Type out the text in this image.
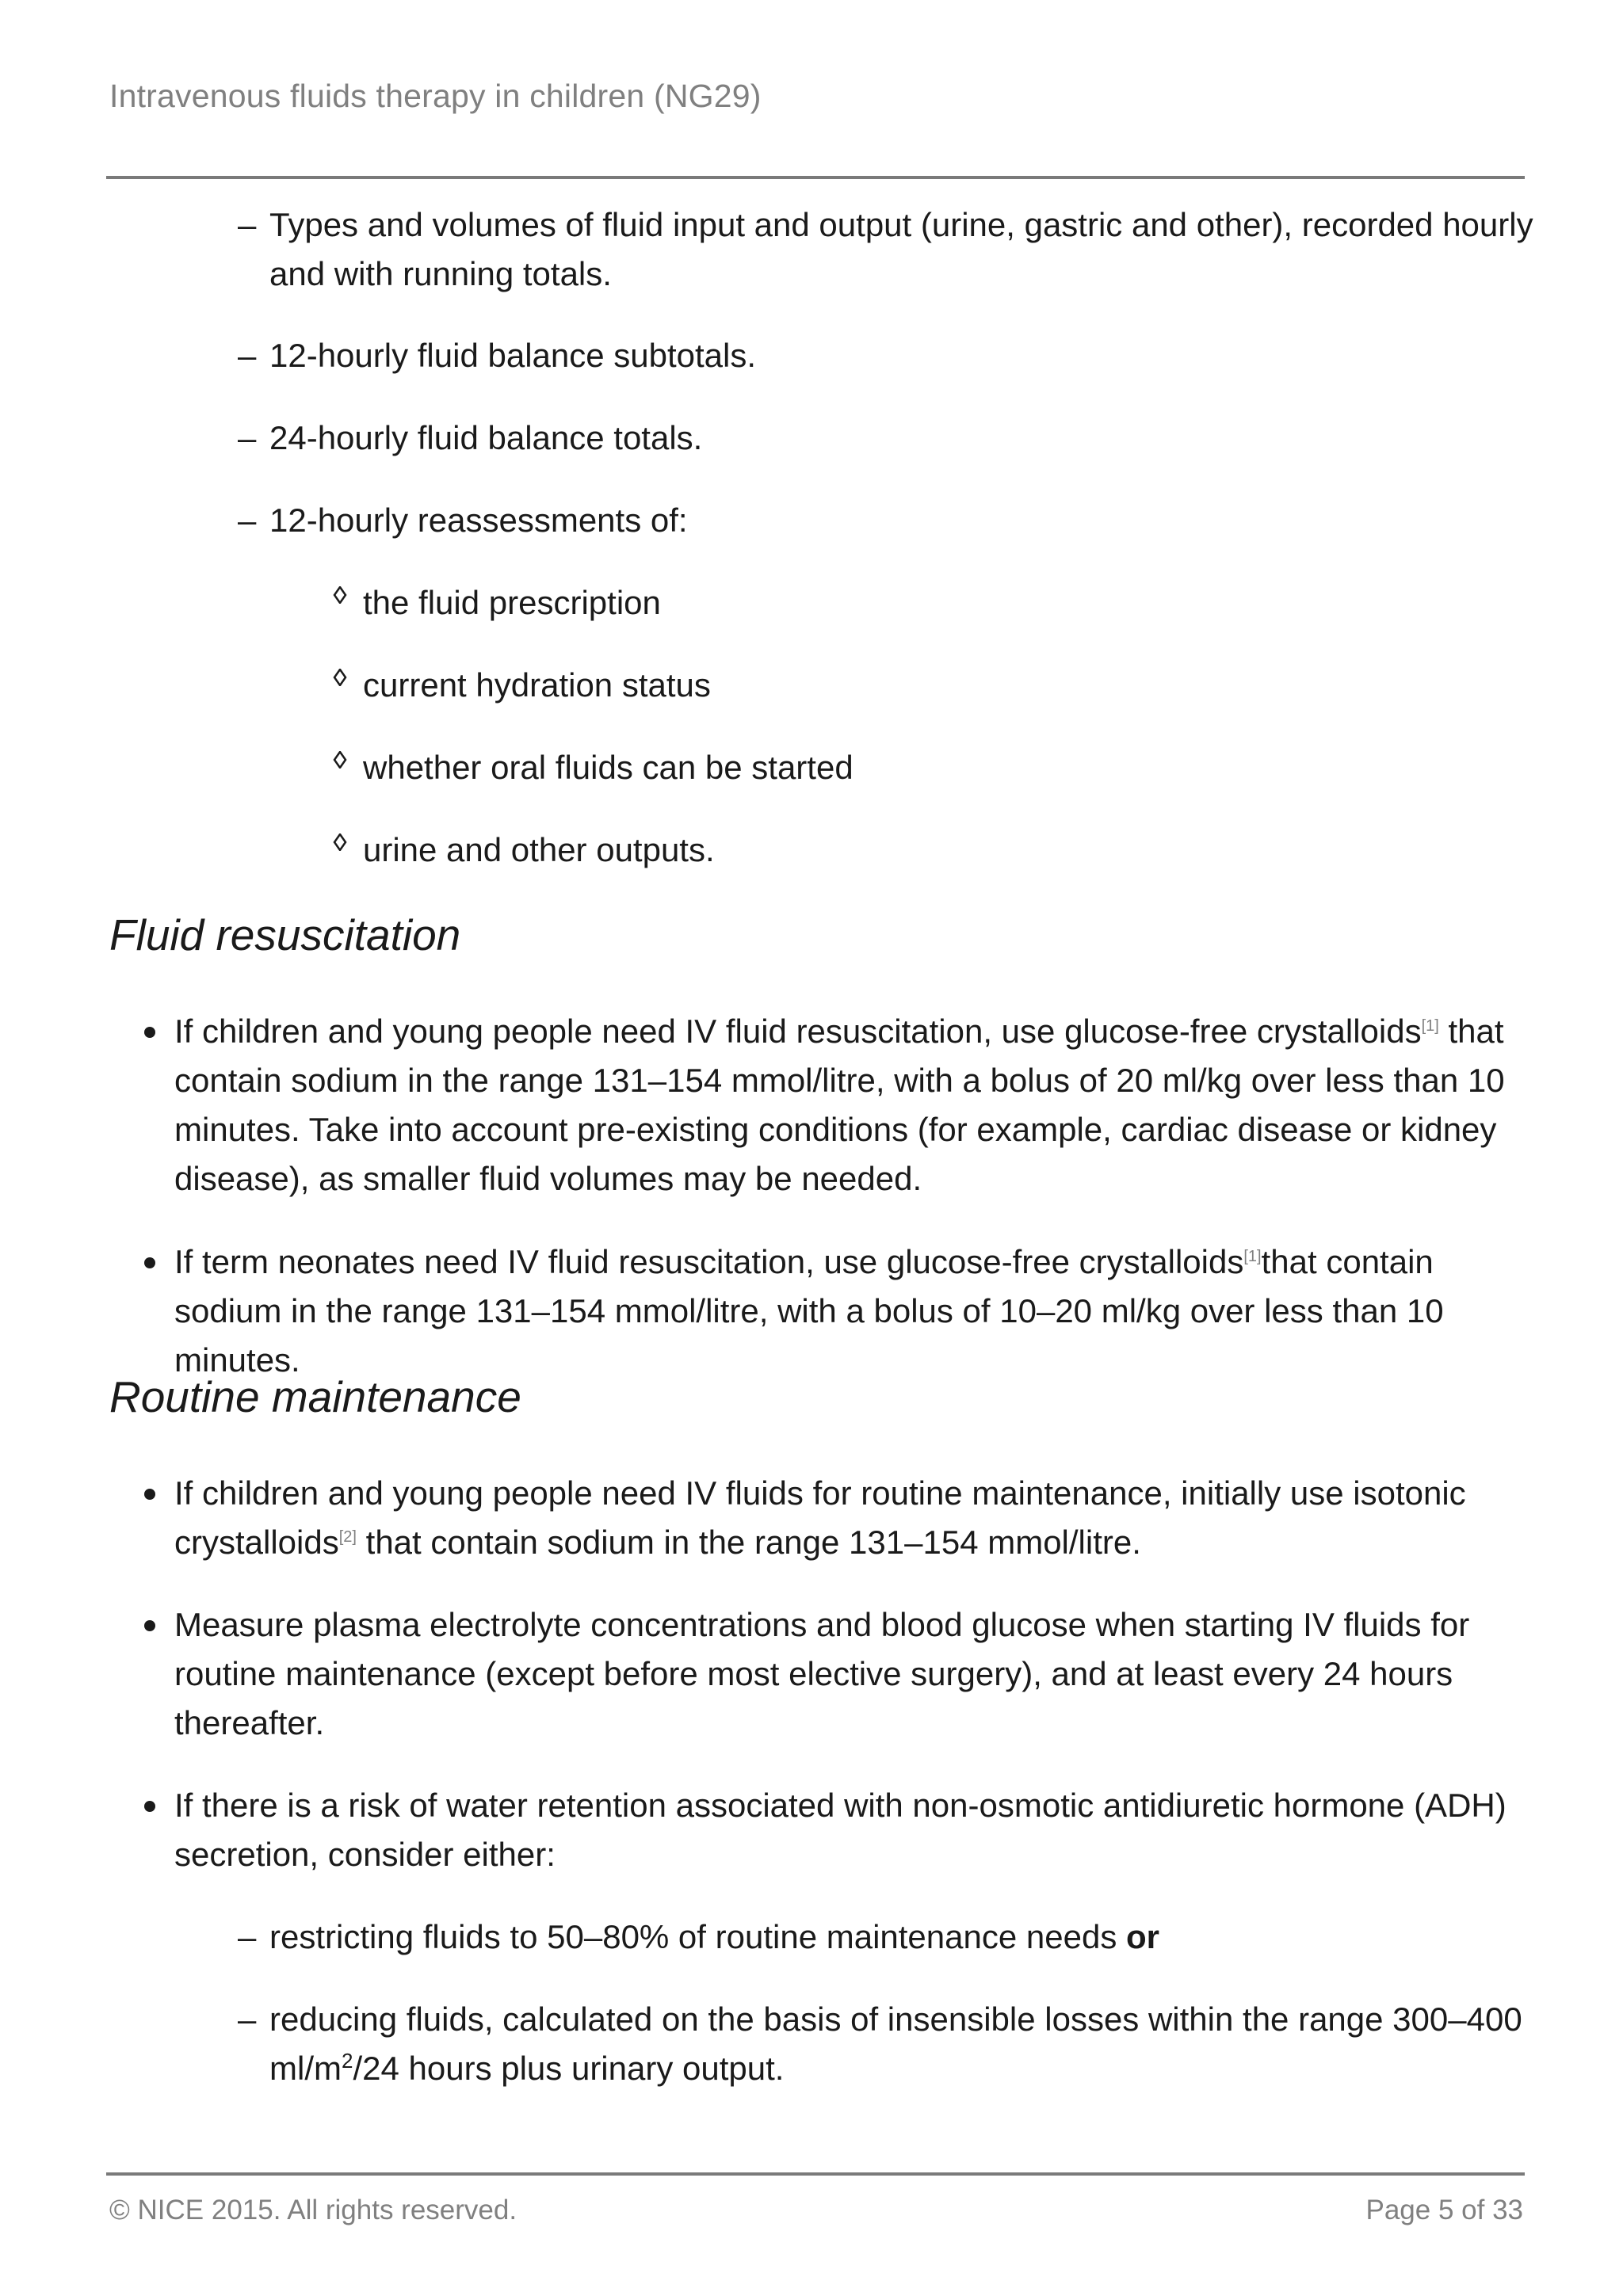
Intravenous fluids therapy in children (NG29)
– Types and volumes of fluid input and output (urine, gastric and other), recorded hourly and with running totals.
– 12-hourly fluid balance subtotals.
– 24-hourly fluid balance totals.
– 12-hourly reassessments of:
the fluid prescription
current hydration status
whether oral fluids can be started
urine and other outputs.
Fluid resuscitation
If children and young people need IV fluid resuscitation, use glucose-free crystalloids[1] that contain sodium in the range 131–154 mmol/litre, with a bolus of 20 ml/kg over less than 10 minutes. Take into account pre-existing conditions (for example, cardiac disease or kidney disease), as smaller fluid volumes may be needed.
If term neonates need IV fluid resuscitation, use glucose-free crystalloids[1]that contain sodium in the range 131–154 mmol/litre, with a bolus of 10–20 ml/kg over less than 10 minutes.
Routine maintenance
If children and young people need IV fluids for routine maintenance, initially use isotonic crystalloids[2] that contain sodium in the range 131–154 mmol/litre.
Measure plasma electrolyte concentrations and blood glucose when starting IV fluids for routine maintenance (except before most elective surgery), and at least every 24 hours thereafter.
If there is a risk of water retention associated with non-osmotic antidiuretic hormone (ADH) secretion, consider either:
– restricting fluids to 50–80% of routine maintenance needs or
– reducing fluids, calculated on the basis of insensible losses within the range 300–400 $ml/m^2/24$ hours plus urinary output.
© NICE 2015. All rights reserved.	Page 5 of 33
